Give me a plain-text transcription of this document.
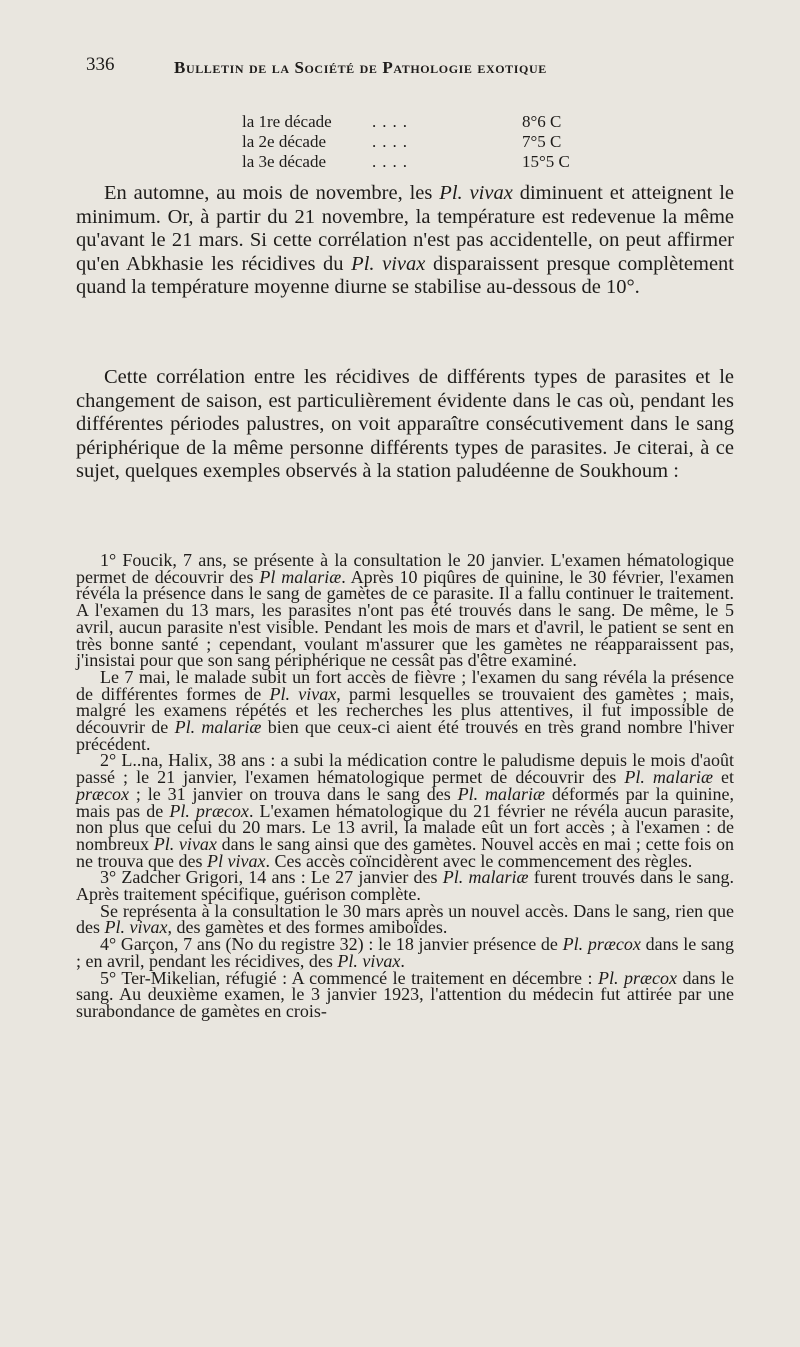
336	Bulletin de la Société de Pathologie exotique
la 1re décade ....	8°6 C
la 2e décade	....	7°5 C
la 3e décade	....	15°5 C

En automne, au mois de novembre, les Pl. vivax diminuent et atteignent le minimum. Or, à partir du 21 novembre, la température est redevenue la même qu'avant le 21 mars. Si cette corrélation n'est pas accidentelle, on peut affirmer qu'en Abkhasie les récidives du Pl. vivax disparaissent presque complètement quand la température moyenne diurne se stabilise au-dessous de 10°.

Cette corrélation entre les récidives de différents types de parasites et le changement de saison, est particulièrement évidente dans le cas où, pendant les différentes périodes palustres, on voit apparaître consécutivement dans le sang périphérique de la même personne différents types de parasites. Je citerai, à ce sujet, quelques exemples observés à la station paludéenne de Soukhoum :

1° Foucik, 7 ans, se présente à la consultation le 20 janvier. L'examen hématologique permet de découvrir des Pl malariæ. Après 10 piqûres de quinine, le 30 février, l'examen révéla la présence dans le sang de gamètes de ce parasite. Il a fallu continuer le traitement. A l'examen du 13 mars, les parasites n'ont pas été trouvés dans le sang. De même, le 5 avril, aucun parasite n'est visible. Pendant les mois de mars et d'avril, le patient se sent en très bonne santé ; cependant, voulant m'assurer que les gamètes ne réapparaissent pas, j'insistai pour que son sang périphérique ne cessât pas d'être examiné.

Le 7 mai, le malade subit un fort accès de fièvre ; l'examen du sang révéla la présence de différentes formes de Pl. vivax, parmi lesquelles se trouvaient des gamètes ; mais, malgré les examens répétés et les recherches les plus attentives, il fut impossible de découvrir de Pl. malariæ bien que ceux-ci aient été trouvés en très grand nombre l'hiver précédent.

2° L..na, Halix, 38 ans : a subi la médication contre le paludisme depuis le mois d'août passé ; le 21 janvier, l'examen hématologique permet de découvrir des Pl. malariæ et præcox ; le 31 janvier on trouva dans le sang des Pl. malariæ déformés par la quinine, mais pas de Pl. præcox. L'examen hématologique du 21 février ne révéla aucun parasite, non plus que celui du 20 mars. Le 13 avril, la malade eût un fort accès ; à l'examen : de nombreux Pl. vivax dans le sang ainsi que des gamètes. Nouvel accès en mai ; cette fois on ne trouva que des Pl vivax. Ces accès coïncidèrent avec le commencement des règles.

3° Zadcher Grigori, 14 ans : Le 27 janvier des Pl. malariæ furent trouvés dans le sang. Après traitement spécifique, guérison complète.

Se représenta à la consultation le 30 mars après un nouvel accès. Dans le sang, rien que des Pl. vivax, des gamètes et des formes amiboïdes.

4° Garçon, 7 ans (No du registre 32) : le 18 janvier présence de Pl. præcox dans le sang ; en avril, pendant les récidives, des Pl. vivax.

5° Ter-Mikelian, réfugié : A commencé le traitement en décembre : Pl. præcox dans le sang. Au deuxième examen, le 3 janvier 1923, l'attention du médecin fut attirée par une surabondance de gamètes en crois-
